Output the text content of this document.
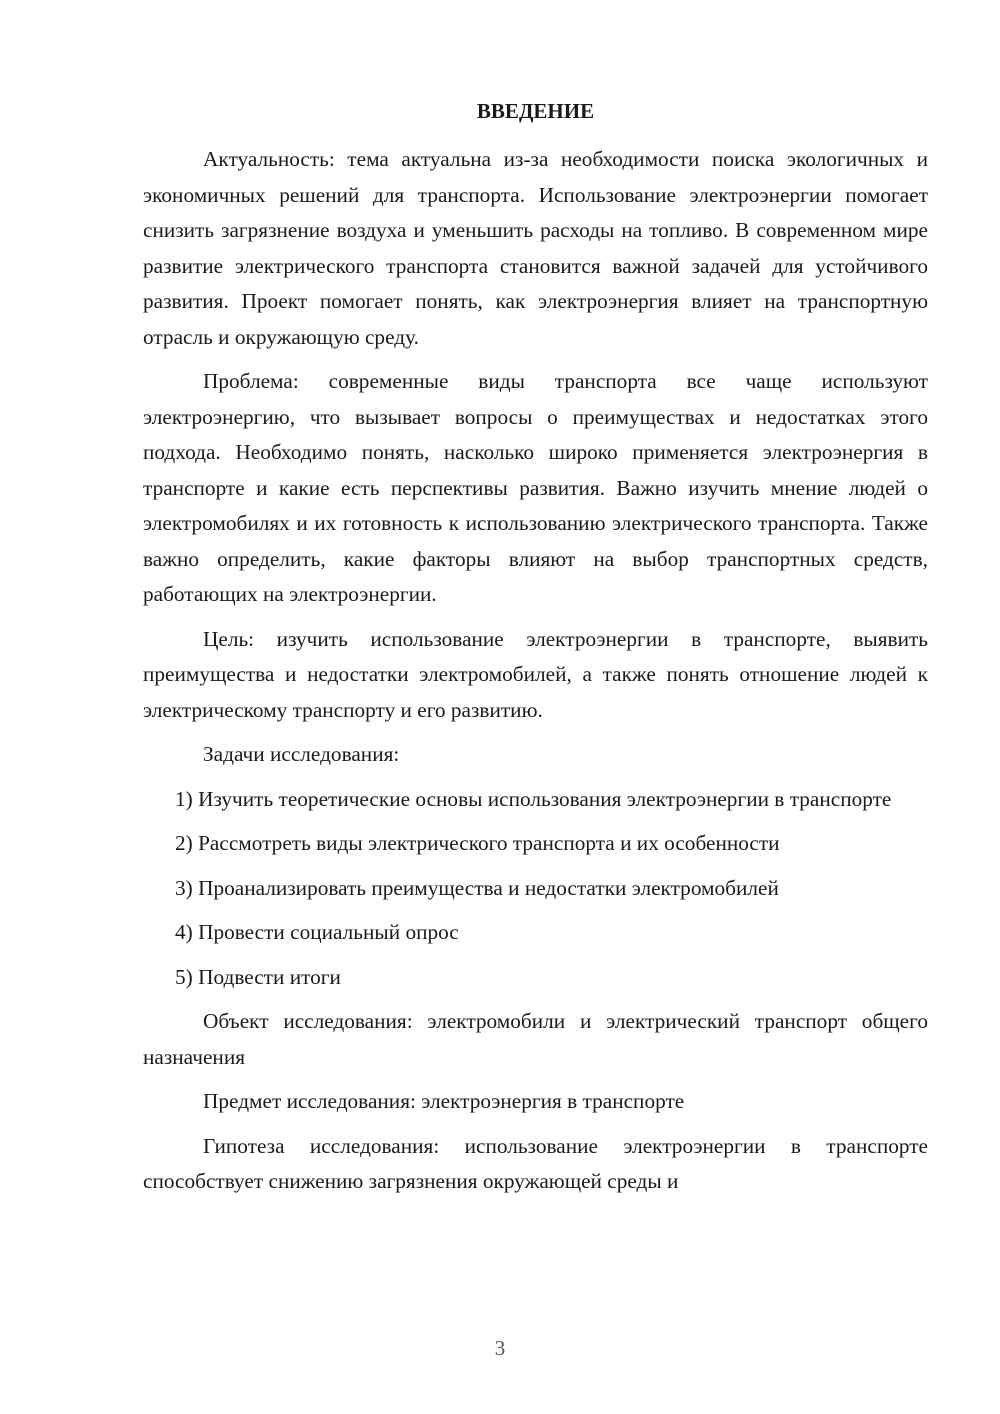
ВВЕДЕНИЕ

Актуальность: тема актуальна из-за необходимости поиска экологичных и экономичных решений для транспорта. Использование электроэнергии помогает снизить загрязнение воздуха и уменьшить расходы на топливо. В современном мире развитие электрического транспорта становится важной задачей для устойчивого развития. Проект помогает понять, как электроэнергия влияет на транспортную отрасль и окружающую среду.

Проблема: современные виды транспорта все чаще используют электроэнергию, что вызывает вопросы о преимуществах и недостатках этого подхода. Необходимо понять, насколько широко применяется электроэнергия в транспорте и какие есть перспективы развития. Важно изучить мнение людей о электромобилях и их готовность к использованию электрического транспорта. Также важно определить, какие факторы влияют на выбор транспортных средств, работающих на электроэнергии.

Цель: изучить использование электроэнергии в транспорте, выявить преимущества и недостатки электромобилей, а также понять отношение людей к электрическому транспорту и его развитию.

Задачи исследования:

1) Изучить теоретические основы использования электроэнергии в транспорте

2) Рассмотреть виды электрического транспорта и их особенности

3) Проанализировать преимущества и недостатки электромобилей

4) Провести социальный опрос

5) Подвести итоги

Объект исследования: электромобили и электрический транспорт общего назначения

Предмет исследования: электроэнергия в транспорте

Гипотеза исследования: использование электроэнергии в транспорте способствует снижению загрязнения окружающей среды и

3
